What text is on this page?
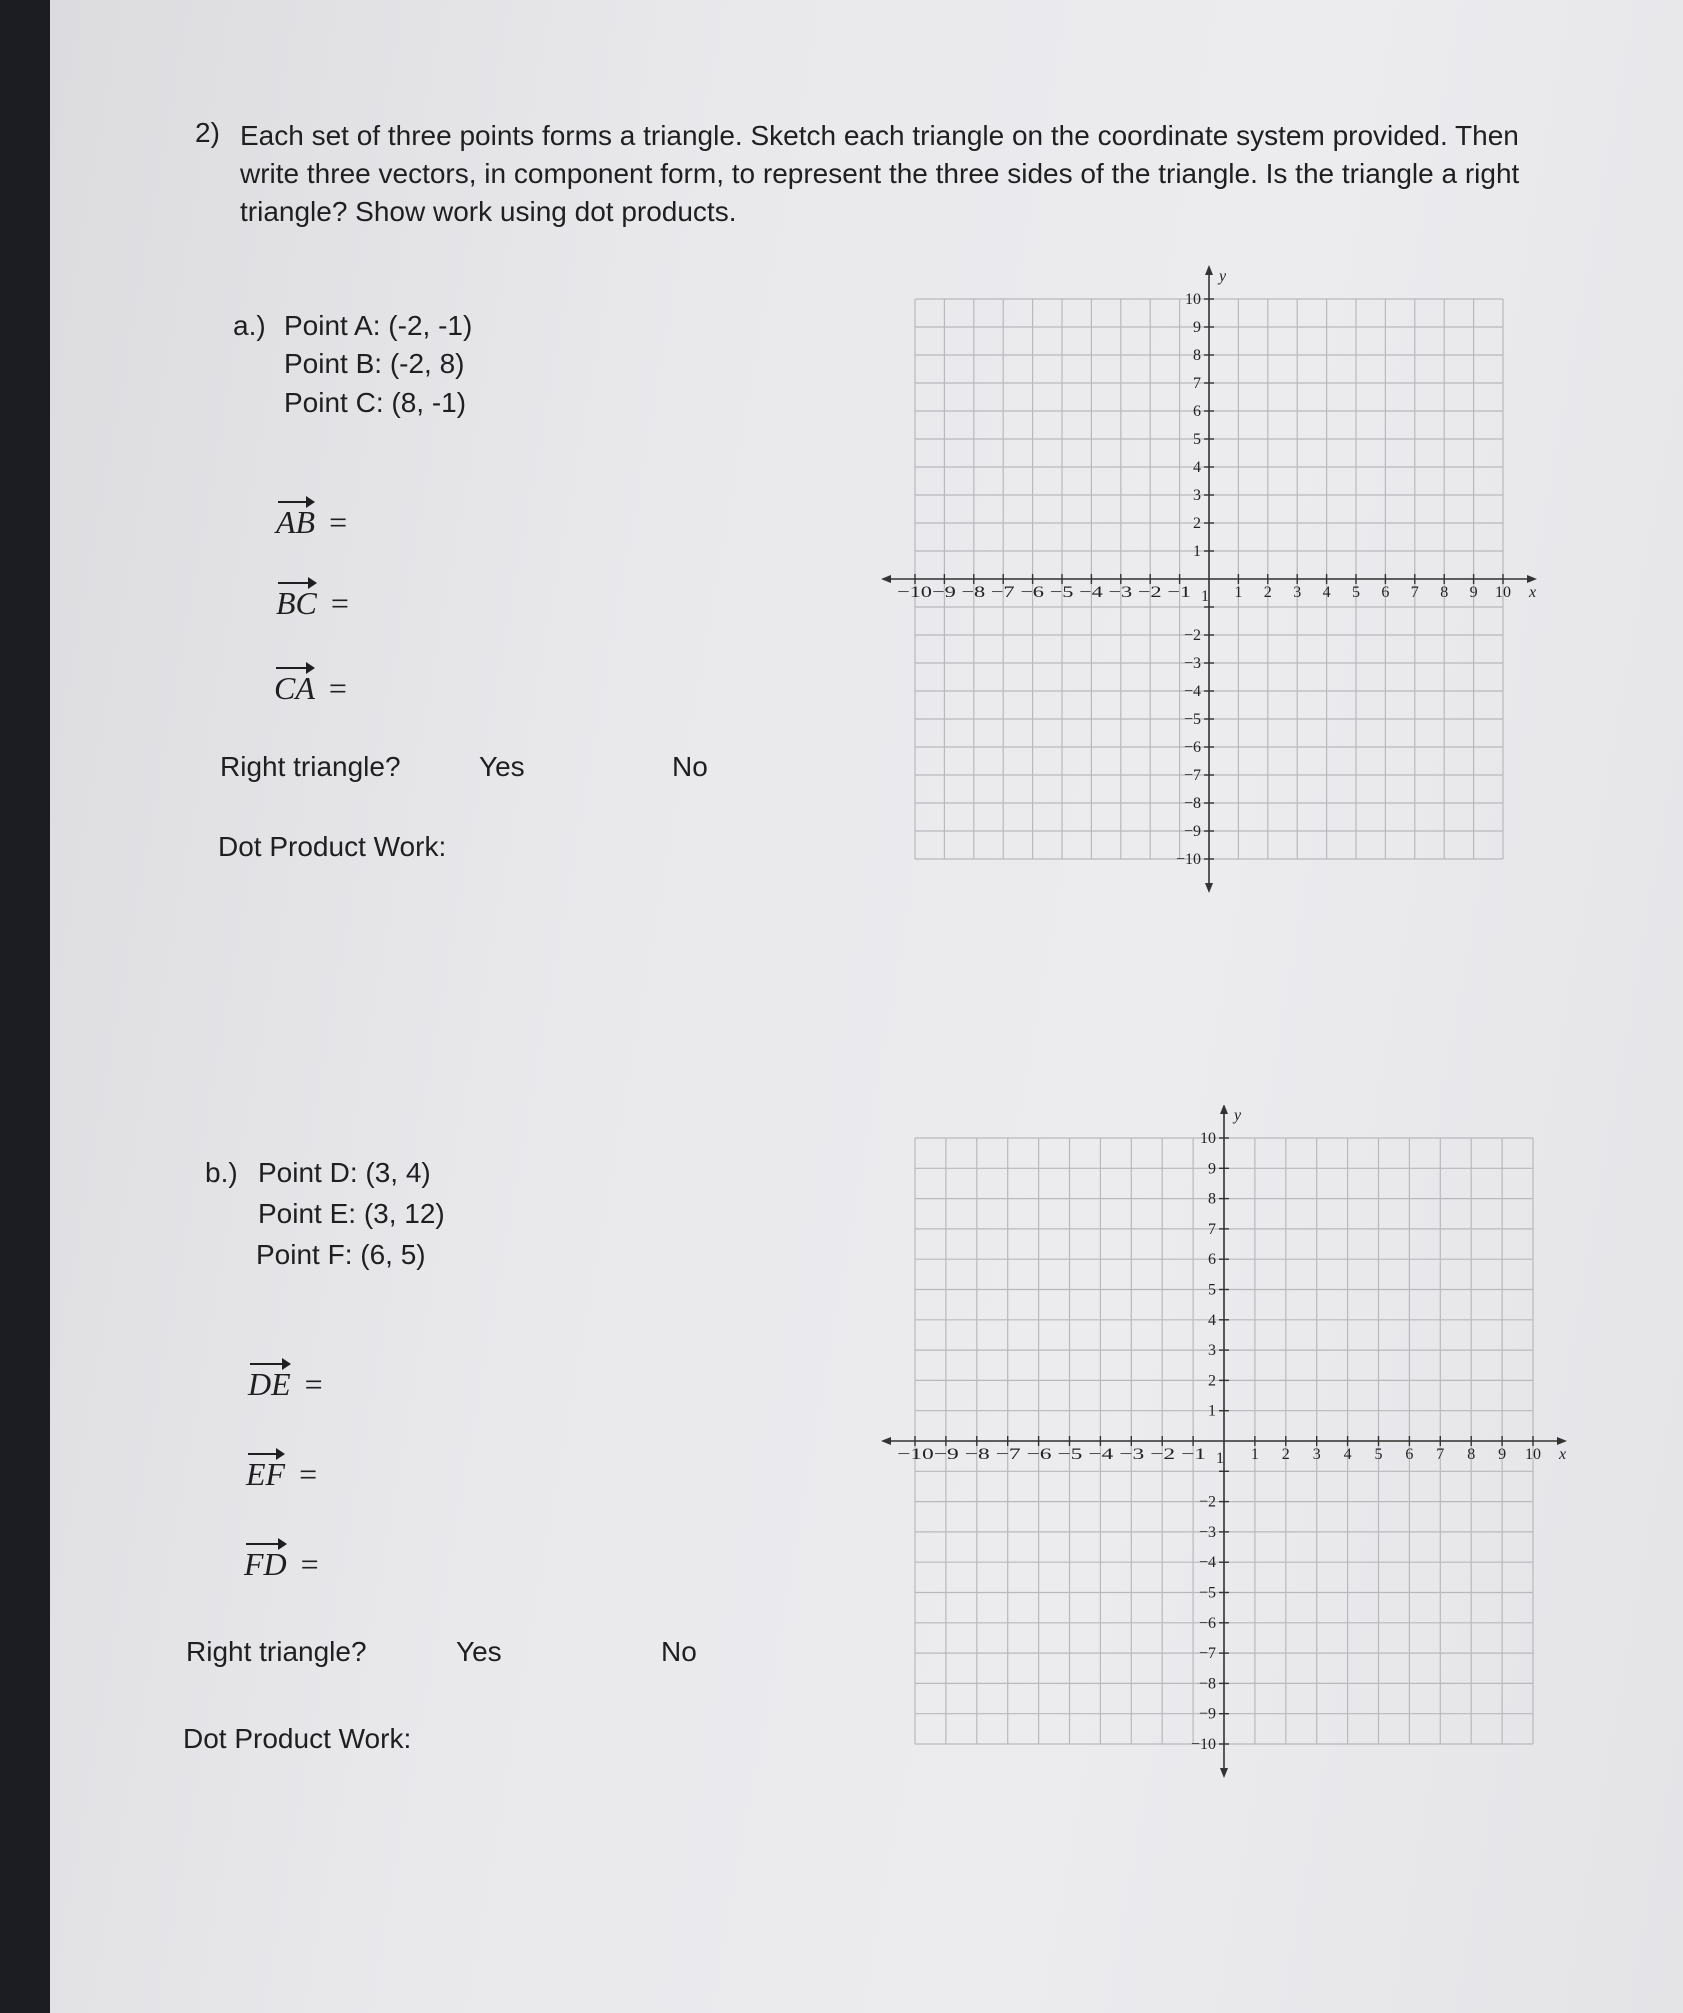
2) Each set of three points forms a triangle. Sketch each triangle on the coordinate system provided. Then write three vectors, in component form, to represent the three sides of the triangle. Is the triangle a right triangle? Show work using dot products.
a.) Point A: (-2, -1)
Point B: (-2, 8)
Point C: (8, -1)
AB =
BC =
CA =
Right triangle?	Yes	No
Dot Product Work:
b.) Point D: (3, 4)
Point E: (3, 12)
Point F: (6, 5)
DE =
EF =
FD =
Right triangle?	Yes	No
Dot Product Work:
−10−9 −8 −7 −6 −5 −4 −3 −2 −1 1 1 2 3 4 5 6 7 8 9 10 x
10
9
8
7
6
5
4
3
2
1
−2
−3
−4
−5
−6
−7
−8
−9
−10
y
−10−9 −8 −7 −6 −5 −4 −3 −2 −1 1 1 2 3 4 5 6 7 8 9 10 x
10
9
8
7
6
5
4
3
2
1
−2
−3
−4
−5
−6
−7
−8
−9
−10
y
